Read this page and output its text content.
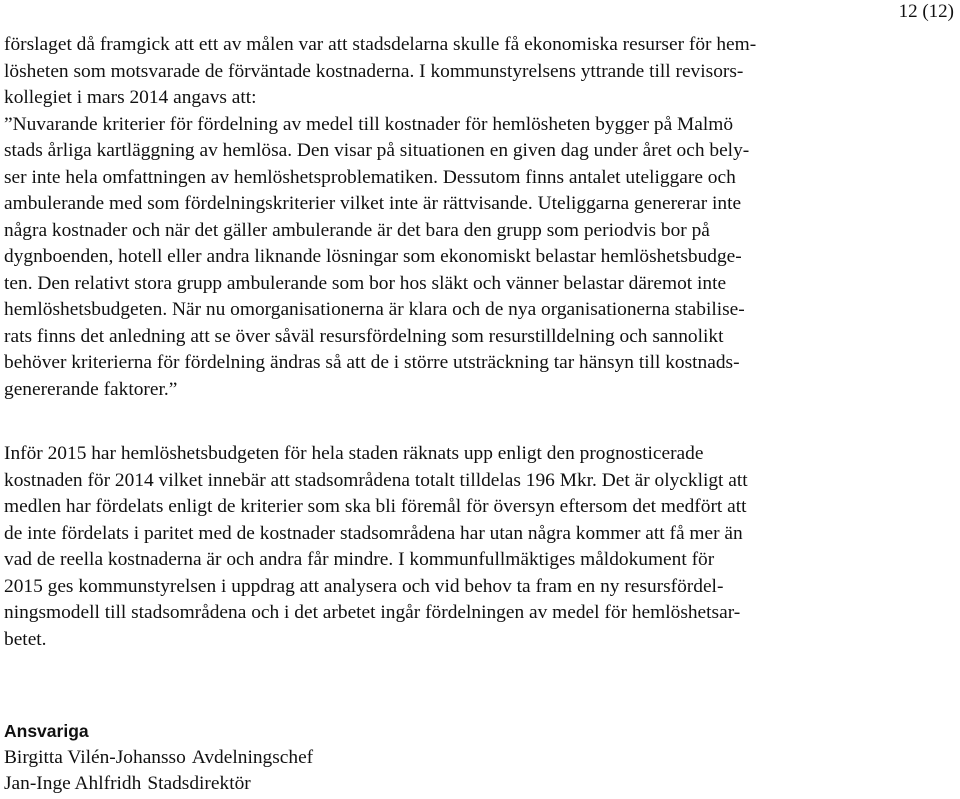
12 (12)
förslaget då framgick att ett av målen var att stadsdelarna skulle få ekonomiska resurser för hem-
lösheten som motsvarade de förväntade kostnaderna. I kommunstyrelsens yttrande till revisors-
kollegiet i mars 2014 angavs att:
”Nuvarande kriterier för fördelning av medel till kostnader för hemlösheten bygger på Malmö
stads årliga kartläggning av hemlösa. Den visar på situationen en given dag under året och bely-
ser inte hela omfattningen av hemlöshetsproblematiken. Dessutom finns antalet uteliggare och
ambulerande med som fördelningskriterier vilket inte är rättvisande. Uteliggarna genererar inte
några kostnader och när det gäller ambulerande är det bara den grupp som periodvis bor på
dygnboenden, hotell eller andra liknande lösningar som ekonomiskt belastar hemlöshetsbudge-
ten. Den relativt stora grupp ambulerande som bor hos släkt och vänner belastar däremot inte
hemlöshetsbudgeten. När nu omorganisationerna är klara och de nya organisationerna stabilise-
rats finns det anledning att se över såväl resursfördelning som resurstilldelning och sannolikt
behöver kriterierna för fördelning ändras så att de i större utsträckning tar hänsyn till kostnads-
genererande faktorer.”
Inför 2015 har hemlöshetsbudgeten för hela staden räknats upp enligt den prognosticerade
kostnaden för 2014 vilket innebär att stadsområdena totalt tilldelas 196 Mkr. Det är olyckligt att
medlen har fördelats enligt de kriterier som ska bli föremål för översyn eftersom det medfört att
de inte fördelats i paritet med de kostnader stadsområdena har utan några kommer att få mer än
vad de reella kostnaderna är och andra får mindre. I kommunfullmäktiges måldokument för
2015 ges kommunstyrelsen i uppdrag att analysera och vid behov ta fram en ny resursfördel-
ningsmodell till stadsområdena och i det arbetet ingår fördelningen av medel för hemlöshetsar-
betet.
Ansvariga
Birgitta Vilén-Johansso Avdelningschef
Jan-Inge Ahlfridh Stadsdirektör
